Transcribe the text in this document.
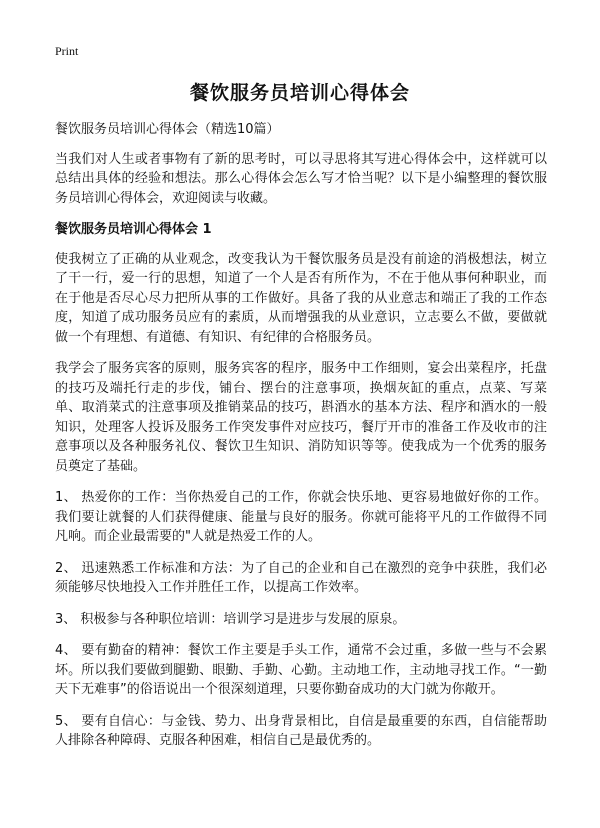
Print
餐饮服务员培训心得体会

餐饮服务员培训心得体会（精选10篇）

当我们对人生或者事物有了新的思考时，可以寻思将其写进心得体会中，这样就可以总结出具体的经验和想法。那么心得体会怎么写才恰当呢？以下是小编整理的餐饮服务员培训心得体会，欢迎阅读与收藏。

餐饮服务员培训心得体会 1

使我树立了正确的从业观念，改变我认为干餐饮服务员是没有前途的消极想法，树立了干一行，爱一行的思想，知道了一个人是否有所作为，不在于他从事何种职业，而在于他是否尽心尽力把所从事的工作做好。具备了我的从业意志和端正了我的工作态度，知道了成功服务员应有的素质，从而增强我的从业意识，立志要么不做，要做就做一个有理想、有道德、有知识、有纪律的合格服务员。

我学会了服务宾客的原则，服务宾客的程序，服务中工作细则，宴会出菜程序，托盘的技巧及端托行走的步伐，铺台、摆台的注意事项，换烟灰缸的重点，点菜、写菜单、取消菜式的注意事项及推销菜品的技巧，斟酒水的基本方法、程序和酒水的一般知识，处理客人投诉及服务工作突发事件对应技巧，餐厅开市的准备工作及收市的注意事项以及各种服务礼仪、餐饮卫生知识、消防知识等等。使我成为一个优秀的服务员奠定了基础。

1、 热爱你的工作：当你热爱自己的工作，你就会快乐地、更容易地做好你的工作。我们要让就餐的人们获得健康、能量与良好的服务。你就可能将平凡的工作做得不同凡响。而企业最需要的"人就是热爱工作的人。

2、 迅速熟悉工作标准和方法：为了自己的企业和自己在激烈的竞争中获胜，我们必须能够尽快地投入工作并胜任工作，以提高工作效率。

3、 积极参与各种职位培训：培训学习是进步与发展的原泉。

4、 要有勤奋的精神：餐饮工作主要是手头工作，通常不会过重，多做一些与不会累坏。所以我们要做到腿勤、眼勤、手勤、心勤。主动地工作，主动地寻找工作。“一勤天下无难事”的俗语说出一个很深刻道理，只要你勤奋成功的大门就为你敞开。

5、 要有自信心：与金钱、势力、出身背景相比，自信是最重要的东西，自信能帮助人排除各种障碍、克服各种困难，相信自己是最优秀的。
